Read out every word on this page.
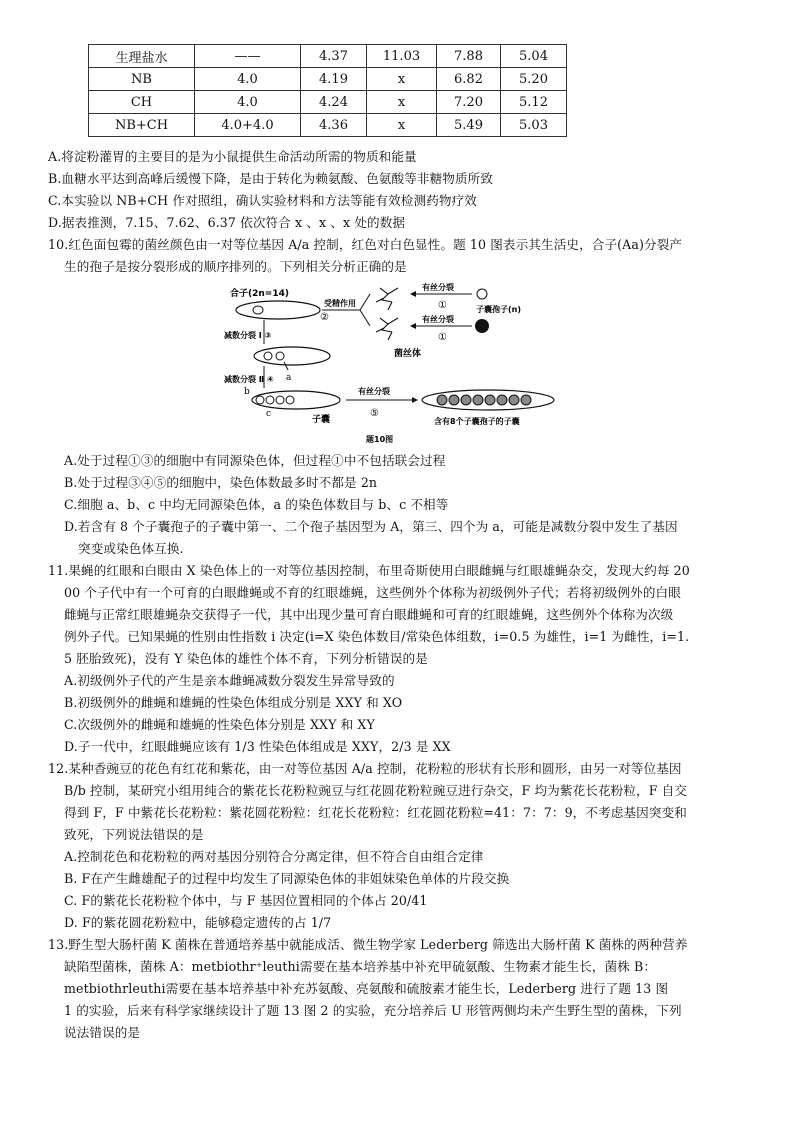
生理盐水	——	4.37	11.03	7.88	5.04
NB	4.0	4.19	x	6.82	5.20
CH	4.0	4.24	x	7.20	5.12
NB+CH	4.0+4.0	4.36	x	5.49	5.03
A.将淀粉灌胃的主要目的是为小鼠提供生命活动所需的物质和能量
B.血糖水平达到高峰后缓慢下降，是由于转化为赖氨酸、色氨酸等非糖物质所致
C.本实验以 NB+CH 作对照组，确认实验材料和方法等能有效检测药物疗效
D.据表推测，7.15、7.62、6.37 依次符合 x 、x 、x 处的数据
10.红色面包霉的菌丝颜色由一对等位基因 A/a 控制，红色对白色显性。题 10 图表示其生活史，合子(Aa)分裂产
生的孢子是按分裂形成的顺序排列的。下列相关分析正确的是
合子(2n=14)
受精作用
②
菌丝体
有丝分裂
①
有丝分裂
①
子囊孢子(n)
减数分裂 Ⅰ ③
减数分裂 Ⅱ ④ a
b
c
子囊
有丝分裂
⑤
含有8个子囊孢子的子囊
题10图
A.处于过程①③的细胞中有同源染色体，但过程①中不包括联会过程
B.处于过程③④⑤的细胞中，染色体数最多时不都是 2n
C.细胞 a、b、c 中均无同源染色体，a 的染色体数目与 b、c 不相等
D.若含有 8 个子囊孢子的子囊中第一、二个孢子基因型为 A，第三、四个为 a，可能是减数分裂中发生了基因
突变或染色体互换.
11.果蝇的红眼和白眼由 X 染色体上的一对等位基因控制，布里奇斯使用白眼雌蝇与红眼雄蝇杂交，发现大约每 20
00 个子代中有一个可育的白眼雌蝇或不育的红眼雄蝇，这些例外个体称为初级例外子代；若将初级例外的白眼
雌蝇与正常红眼雄蝇杂交获得子一代，其中出现少量可育白眼雌蝇和可育的红眼雄蝇，这些例外个体称为次级
例外子代。已知果蝇的性别由性指数 i 决定(i=X 染色体数目/常染色体组数，i=0.5 为雄性，i=1 为雌性，i=1.
5 胚胎致死)，没有 Y 染色体的雄性个体不育，下列分析错误的是
A.初级例外子代的产生是亲本雌蝇减数分裂发生异常导致的
B.初级例外的雌蝇和雄蝇的性染色体组成分别是 XXY 和 XO
C.次级例外的雌蝇和雄蝇的性染色体分别是 XXY 和 XY
D.子一代中，红眼雌蝇应该有 1/3 性染色体组成是 XXY，2/3 是 XX
12.某种香豌豆的花色有红花和紫花，由一对等位基因 A/a 控制，花粉粒的形状有长形和圆形，由另一对等位基因
B/b 控制，某研究小组用纯合的紫花长花粉粒豌豆与红花圆花粉粒豌豆进行杂交，F 均为紫花长花粉粒，F 自交
得到 F，F 中紫花长花粉粒：紫花圆花粉粒：红花长花粉粒：红花圆花粉粒=41：7：7：9，不考虑基因突变和
致死，下列说法错误的是
A.控制花色和花粉粒的两对基因分别符合分离定律，但不符合自由组合定律
B. F在产生雌雄配子的过程中均发生了同源染色体的非姐妹染色单体的片段交换
C. F的紫花长花粉粒个体中，与 F 基因位置相同的个体占 20/41
D. F的紫花圆花粉粒中，能够稳定遗传的占 1/7
13.野生型大肠杆菌 K 菌株在普通培养基中就能成活、微生物学家 Lederberg 筛选出大肠杆菌 K 菌株的两种营养
缺陷型菌株，菌株 A：metbiothr⁺leuthi需要在基本培养基中补充甲硫氨酸、生物素才能生长，菌株 B：
metbiothrleuthi需要在基本培养基中补充苏氨酸、亮氨酸和硫胺素才能生长，Lederberg 进行了题 13 图
1 的实验，后来有科学家继续设计了题 13 图 2 的实验，充分培养后 U 形管两侧均未产生野生型的菌株，下列
说法错误的是
